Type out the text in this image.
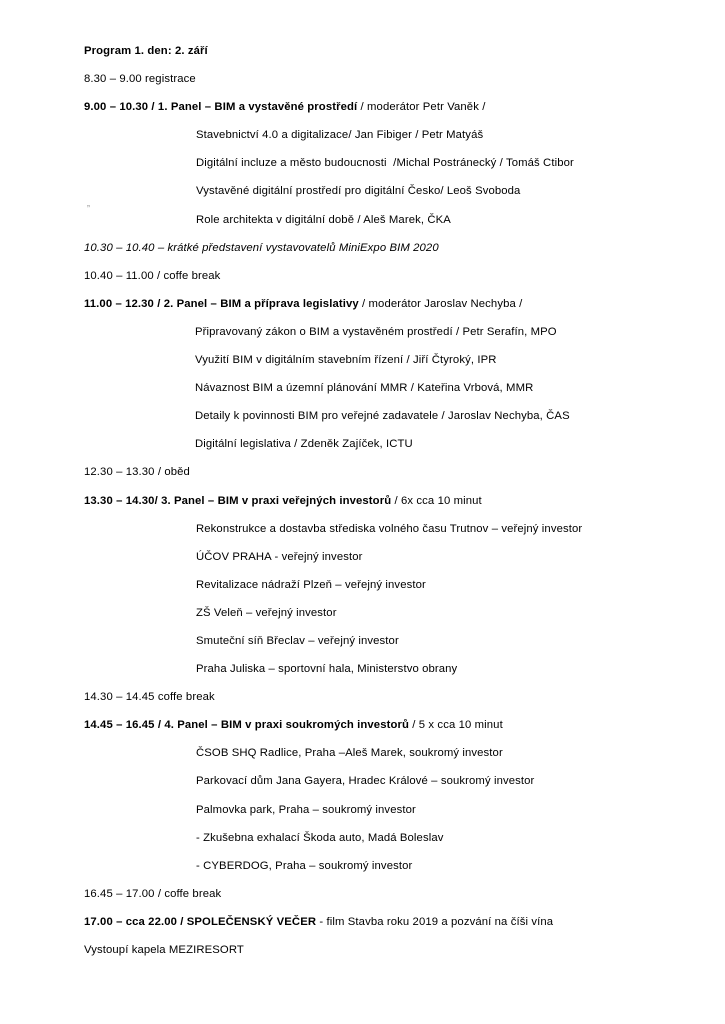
ˮ
Program 1. den: 2. září
8.30 – 9.00 registrace
9.00 – 10.30 / 1. Panel – BIM a vystavěné prostředí / moderátor Petr Vaněk /
Stavebnictví 4.0 a digitalizace/ Jan Fibiger / Petr Matyáš
Digitální incluze a město budoucnosti  /Michal Postránecký / Tomáš Ctibor
Vystavěné digitální prostředí pro digitální Česko/ Leoš Svoboda
Role architekta v digitální době / Aleš Marek, ČKA
10.30 – 10.40 – krátké představení vystavovatelů MiniExpo BIM 2020
10.40 – 11.00 / coffe break
11.00 – 12.30 / 2. Panel – BIM a příprava legislativy / moderátor Jaroslav Nechyba /
Připravovaný zákon o BIM a vystavěném prostředí / Petr Serafín, MPO
Využití BIM v digitálním stavebním řízení / Jiří Čtyroký, IPR
Návaznost BIM a územní plánování MMR / Kateřina Vrbová, MMR
Detaily k povinnosti BIM pro veřejné zadavatele / Jaroslav Nechyba, ČAS
Digitální legislativa / Zdeněk Zajíček, ICTU
12.30 – 13.30 / oběd
13.30 – 14.30/ 3. Panel – BIM v praxi veřejných investorů / 6x cca 10 minut
Rekonstrukce a dostavba střediska volného času Trutnov – veřejný investor
ÚČOV PRAHA - veřejný investor
Revitalizace nádraží Plzeň – veřejný investor
ZŠ Veleň – veřejný investor
Smuteční síň Břeclav – veřejný investor
Praha Juliska – sportovní hala, Ministerstvo obrany
14.30 – 14.45 coffe break
14.45 – 16.45 / 4. Panel – BIM v praxi soukromých investorů / 5 x cca 10 minut
ČSOB SHQ Radlice, Praha –Aleš Marek, soukromý investor
Parkovací dům Jana Gayera, Hradec Králové – soukromý investor
Palmovka park, Praha – soukromý investor
- Zkušebna exhalací Škoda auto, Madá Boleslav
- CYBERDOG, Praha – soukromý investor
16.45 – 17.00 / coffe break
17.00 – cca 22.00 / SPOLEČENSKÝ VEČER - film Stavba roku 2019 a pozvání na číši vína
Vystoupí kapela MEZIRESORT
